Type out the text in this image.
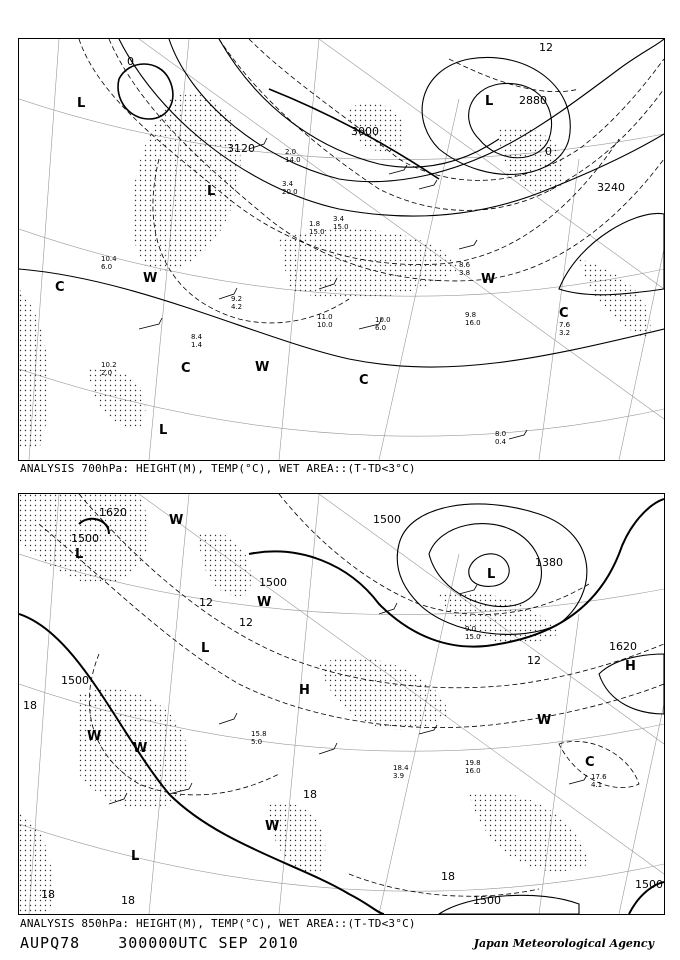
3120
3000
2880
3240
0
0
12
L
L
L
L
W	W
W
C
C
C
C
10.4
6.0
9.2
4.2
11.0
10.0
10.0
6.0
9.8
16.0	7.6
3.2
8.0
0.4
10.2
2.0
8.4
1.4
3.4
20.0
2.0
14.0
1.8
15.0
3.4
15.0
8.6
3.8
ANALYSIS 700hPa: HEIGHT(M), TEMP(°C), WET AREA::(T-TD<3°C)
1620
1500
1500
1500
1500
1380
1620
1500
1500
12
12
12
18
18
18	18
18
L
L
L
L
H
H
W
W
W
W
W
W
C
17.6
4.1
19.8
16.0
18.4
3.9
15.8
5.0
9.0
15.0
ANALYSIS 850hPa: HEIGHT(M), TEMP(°C), WET AREA::(T-TD<3°C)
AUPQ78	300000UTC SEP 2010	Japan Meteorological Agency
